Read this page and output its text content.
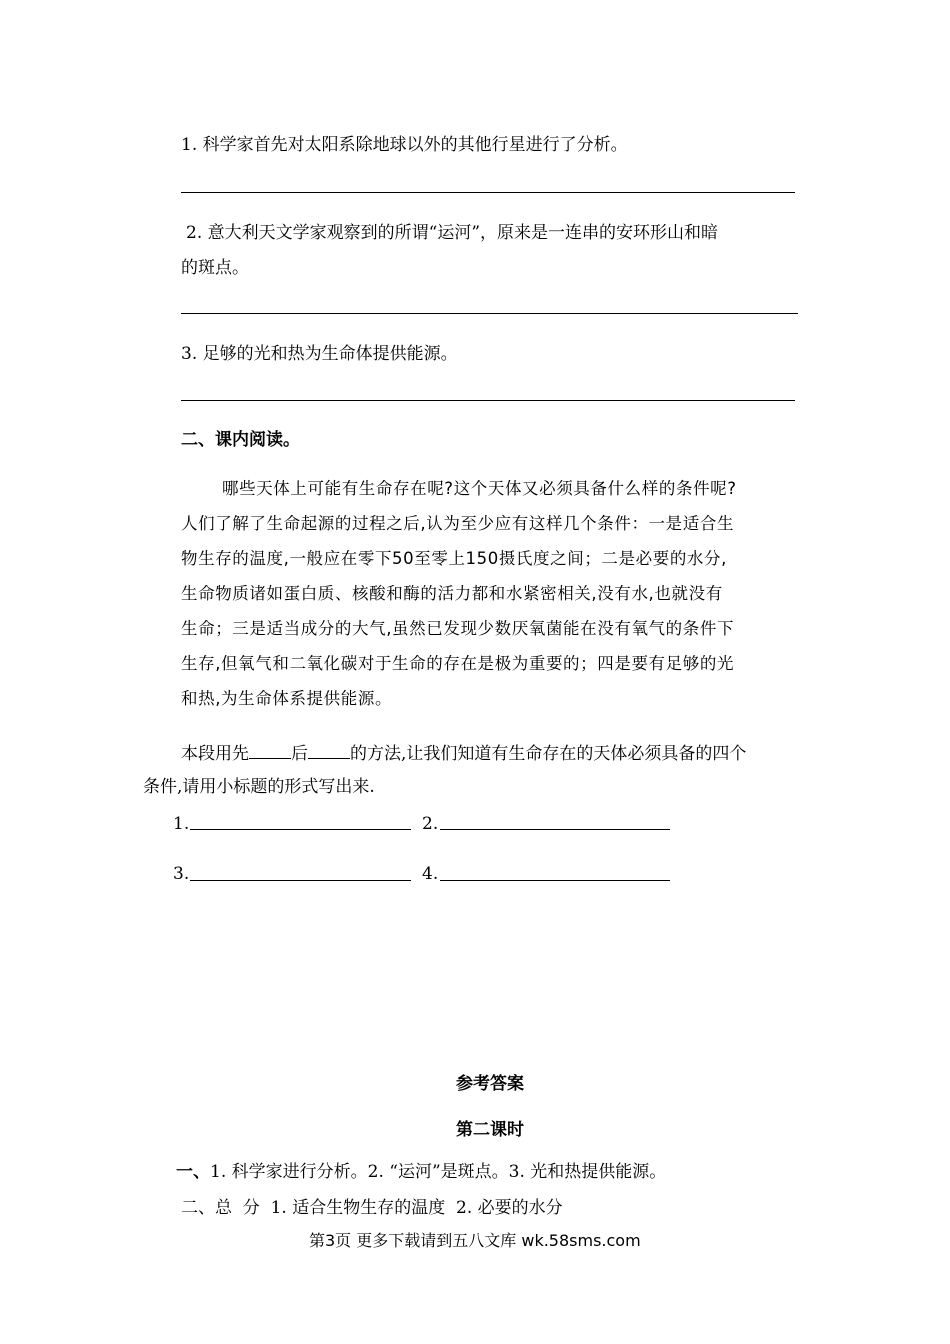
1. 科学家首先对太阳系除地球以外的其他行星进行了分析。
2. 意大利天文学家观察到的所谓“运河”，原来是一连串的安环形山和暗
的斑点。
3. 足够的光和热为生命体提供能源。
二、课内阅读。
哪些天体上可能有生命存在呢?这个天体又必须具备什么样的条件呢?
人们了解了生命起源的过程之后,认为至少应有这样几个条件：一是适合生
物生存的温度,一般应在零下50至零上150摄氏度之间；二是必要的水分,
生命物质诸如蛋白质、核酸和酶的活力都和水紧密相关,没有水,也就没有
生命；三是适当成分的大气,虽然已发现少数厌氧菌能在没有氧气的条件下
生存,但氧气和二氧化碳对于生命的存在是极为重要的；四是要有足够的光
和热,为生命体系提供能源。
本段用先 后 的方法,让我们知道有生命存在的天体必须具备的四个
条件,请用小标题的形式写出来.
1.	2.
3.	4.
参考答案
第二课时
一、1. 科学家进行分析。2. “运河”是斑点。3. 光和热提供能源。
二、总  分  1. 适合生物生存的温度  2. 必要的水分
第3页 更多下载请到五八文库 wk.58sms.com
